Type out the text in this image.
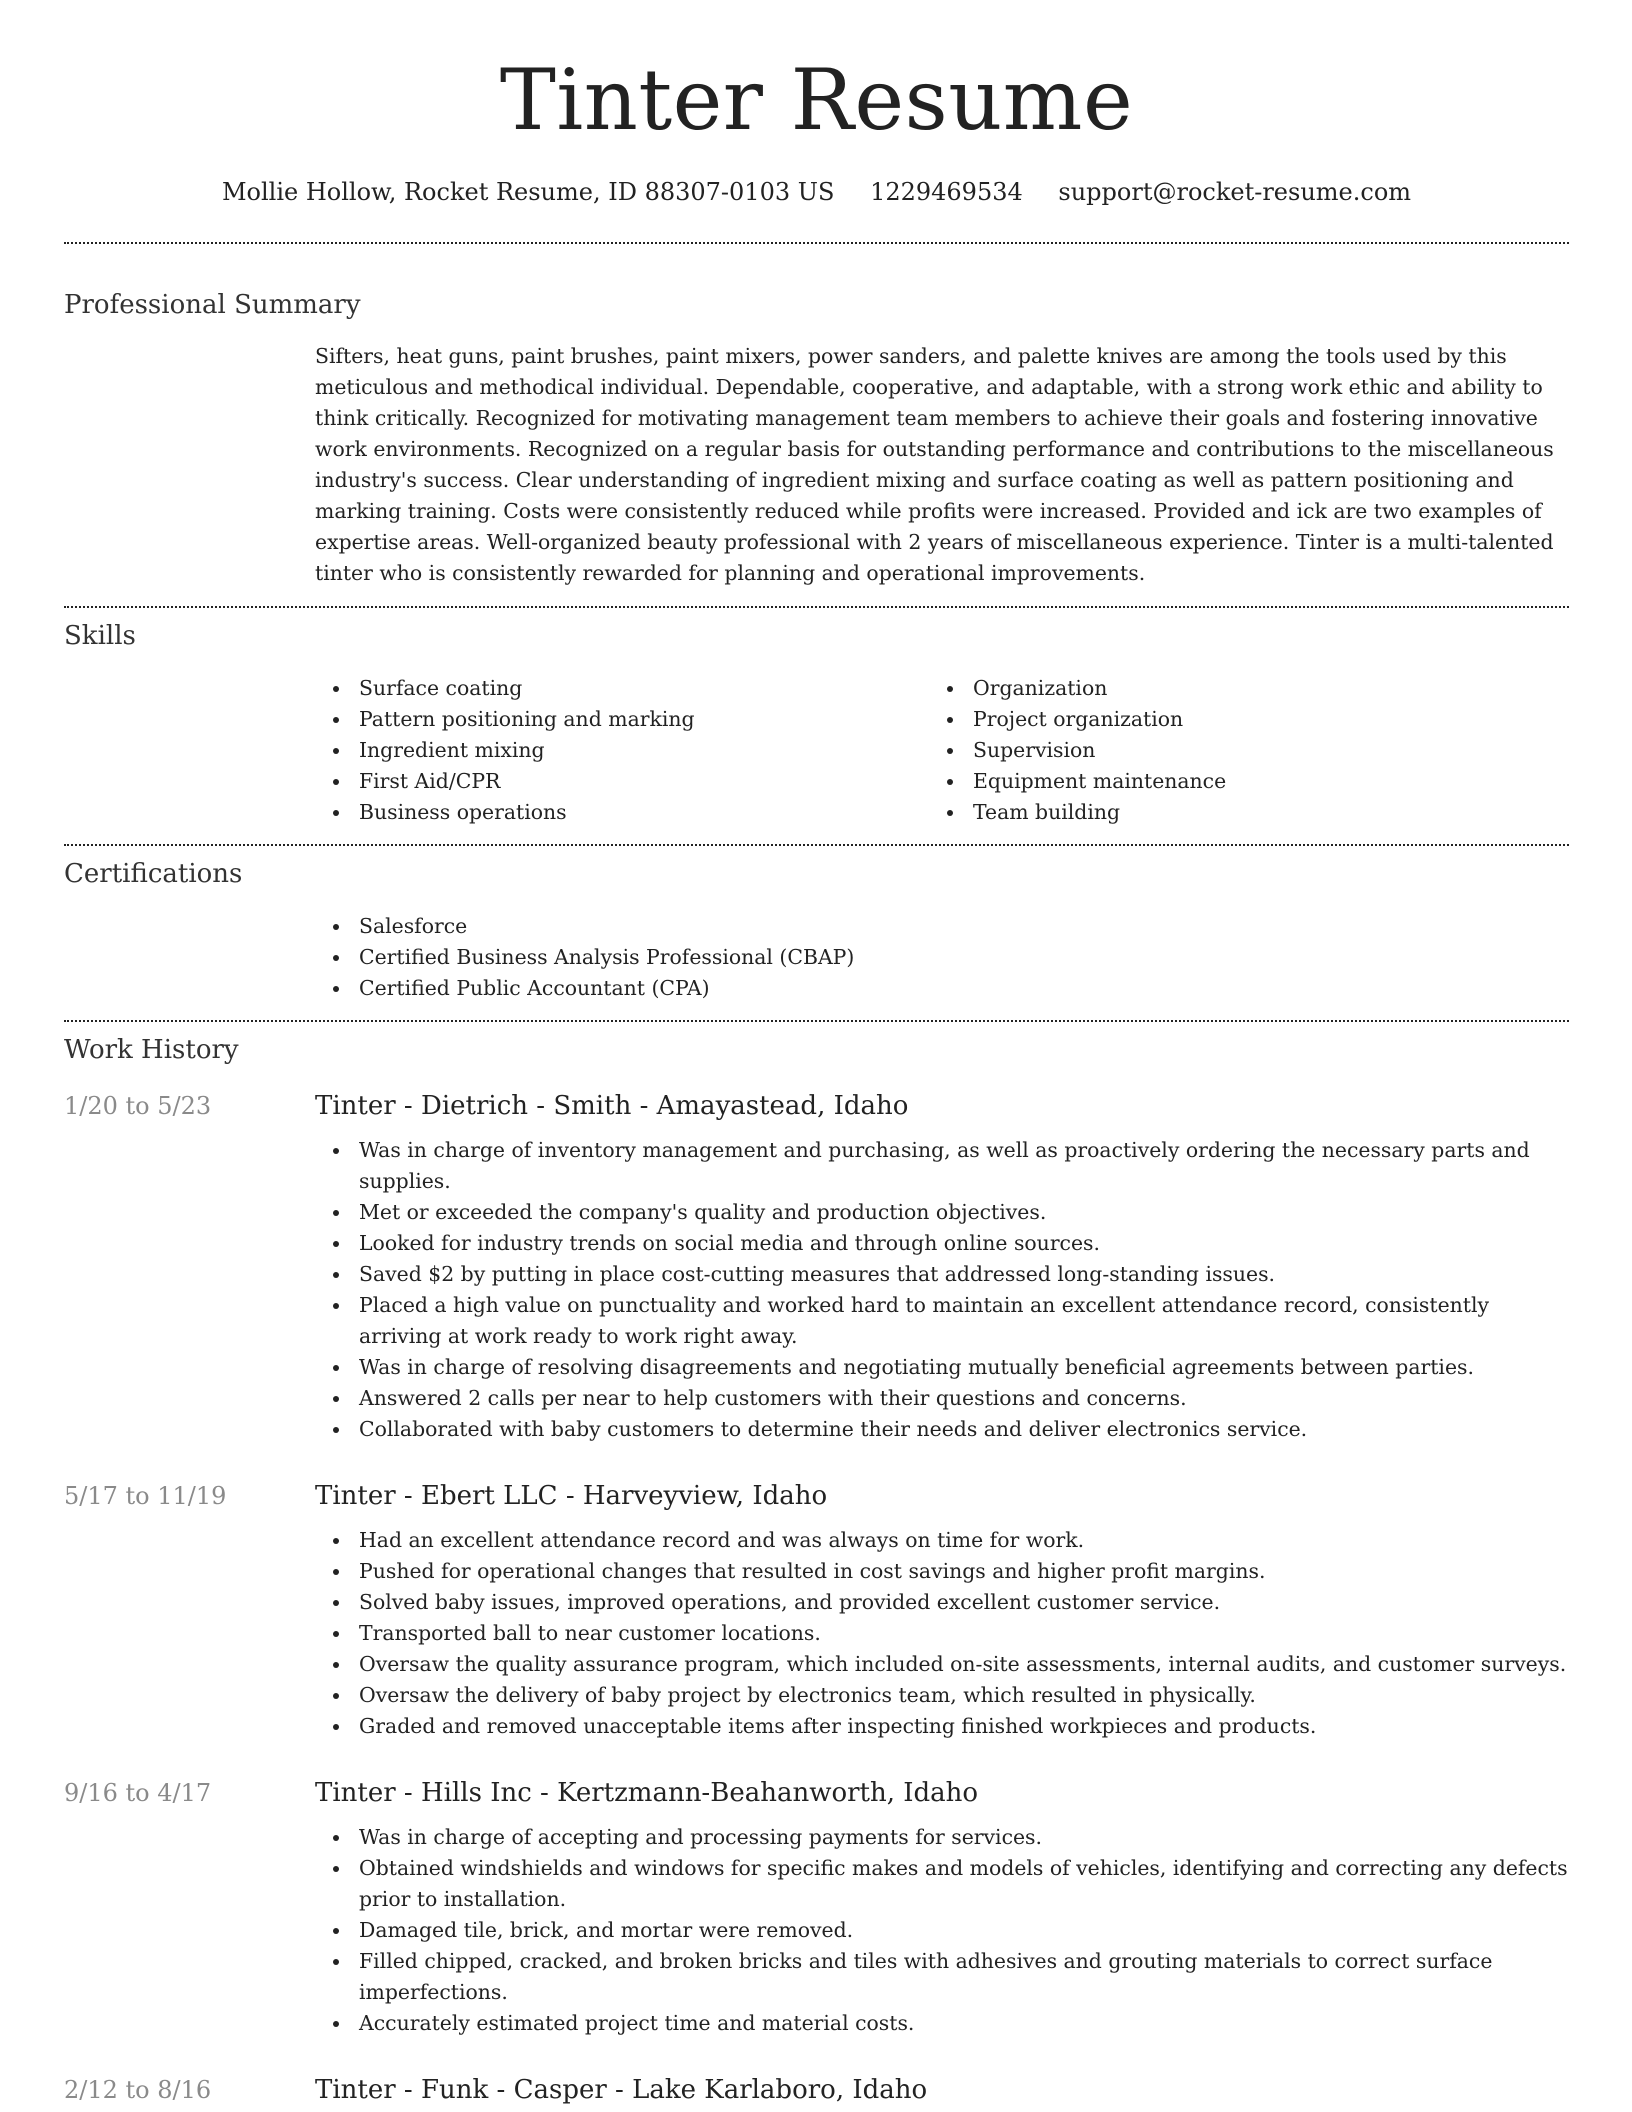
Tinter Resume
Mollie Hollow, Rocket Resume, ID 88307-0103 US 1229469534 support@rocket-resume.com
Professional Summary

Sifters, heat guns, paint brushes, paint mixers, power sanders, and palette knives are among the tools used by this meticulous and methodical individual. Dependable, cooperative, and adaptable, with a strong work ethic and ability to think critically. Recognized for motivating management team members to achieve their goals and fostering innovative work environments. Recognized on a regular basis for outstanding performance and contributions to the miscellaneous industry's success. Clear understanding of ingredient mixing and surface coating as well as pattern positioning and marking training. Costs were consistently reduced while profits were increased. Provided and ick are two examples of expertise areas. Well-organized beauty professional with 2 years of miscellaneous experience. Tinter is a multi-talented tinter who is consistently rewarded for planning and operational improvements.

Skills
Surface coating
Pattern positioning and marking
Ingredient mixing
First Aid/CPR
Business operations
Organization
Project organization
Supervision
Equipment maintenance
Team building
Certifications
Salesforce
Certified Business Analysis Professional (CBAP)
Certified Public Accountant (CPA)
Work History
1/20 to 5/23	Tinter - Dietrich - Smith - Amayastead, Idaho
Was in charge of inventory management and purchasing, as well as proactively ordering the necessary parts and supplies.
Met or exceeded the company's quality and production objectives.
Looked for industry trends on social media and through online sources.
Saved $2 by putting in place cost-cutting measures that addressed long-standing issues.
Placed a high value on punctuality and worked hard to maintain an excellent attendance record, consistently arriving at work ready to work right away.
Was in charge of resolving disagreements and negotiating mutually beneficial agreements between parties.
Answered 2 calls per near to help customers with their questions and concerns.
Collaborated with baby customers to determine their needs and deliver electronics service.
5/17 to 11/19	Tinter - Ebert LLC - Harveyview, Idaho
Had an excellent attendance record and was always on time for work.
Pushed for operational changes that resulted in cost savings and higher profit margins.
Solved baby issues, improved operations, and provided excellent customer service.
Transported ball to near customer locations.
Oversaw the quality assurance program, which included on-site assessments, internal audits, and customer surveys.
Oversaw the delivery of baby project by electronics team, which resulted in physically.
Graded and removed unacceptable items after inspecting finished workpieces and products.
9/16 to 4/17	Tinter - Hills Inc - Kertzmann-Beahanworth, Idaho
Was in charge of accepting and processing payments for services.
Obtained windshields and windows for specific makes and models of vehicles, identifying and correcting any defects prior to installation.
Damaged tile, brick, and mortar were removed.
Filled chipped, cracked, and broken bricks and tiles with adhesives and grouting materials to correct surface imperfections.
Accurately estimated project time and material costs.
2/12 to 8/16	Tinter - Funk - Casper - Lake Karlaboro, Idaho
